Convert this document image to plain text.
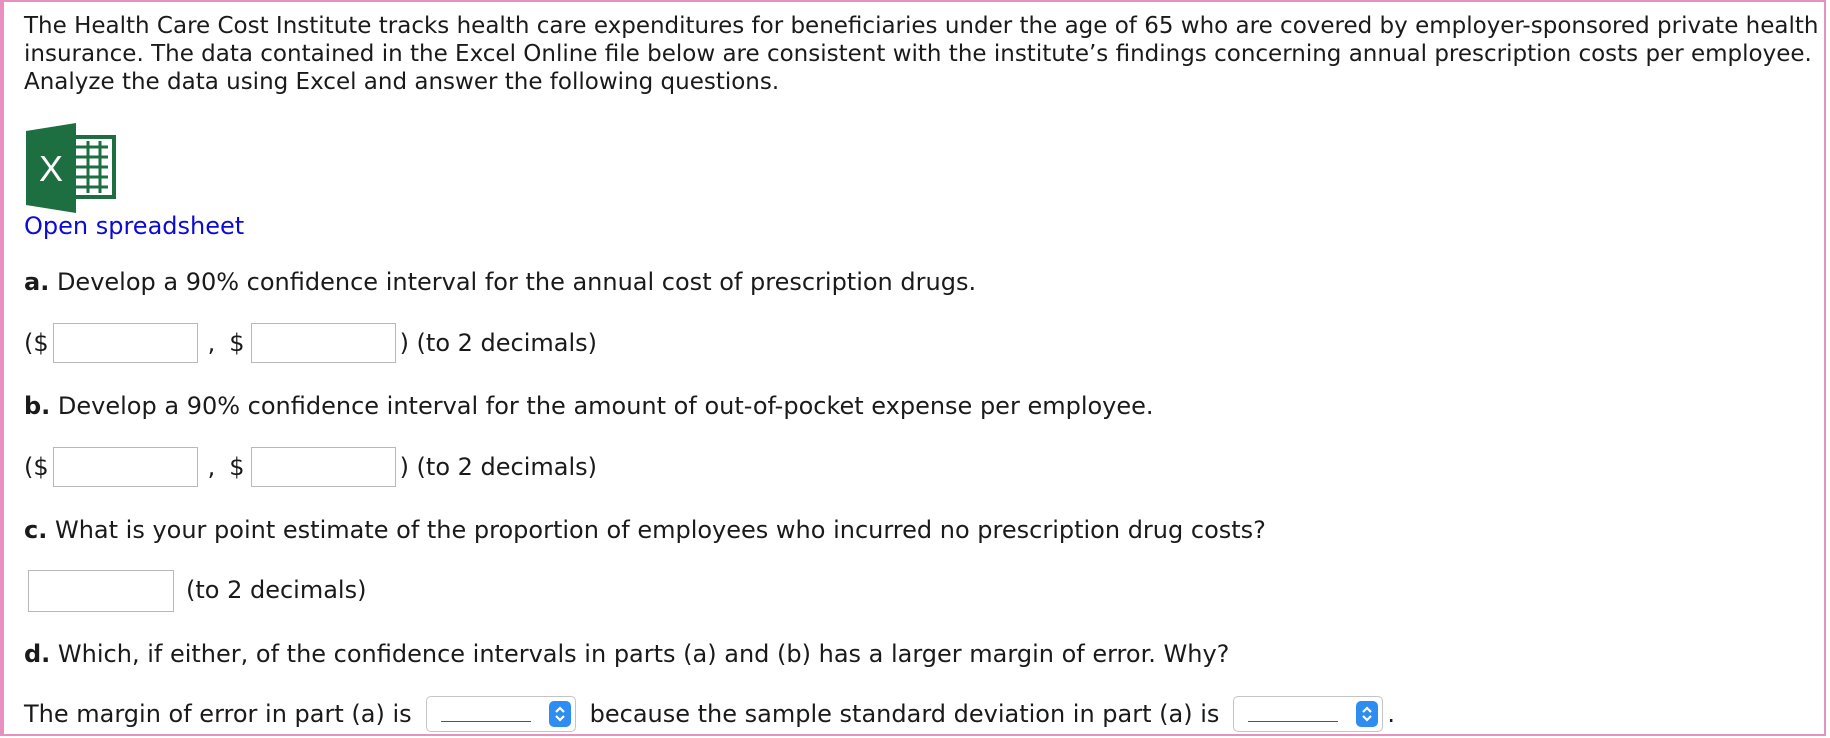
The Health Care Cost Institute tracks health care expenditures for beneficiaries under the age of 65 who are covered by employer-sponsored private health insurance. The data contained in the Excel Online file below are consistent with the institute’s findings concerning annual prescription costs per employee. Analyze the data using Excel and answer the following questions.

X
Open spreadsheet
a. Develop a 90% confidence interval for the annual cost of prescription drugs.
($	, $	) (to 2 decimals)
b. Develop a 90% confidence interval for the amount of out-of-pocket expense per employee.
($	, $	) (to 2 decimals)
c. What is your point estimate of the proportion of employees who incurred no prescription drug costs?
(to 2 decimals)
d. Which, if either, of the confidence intervals in parts (a) and (b) has a larger margin of error. Why?
The margin of error in part (a) is	because the sample standard deviation in part (a) is	.
